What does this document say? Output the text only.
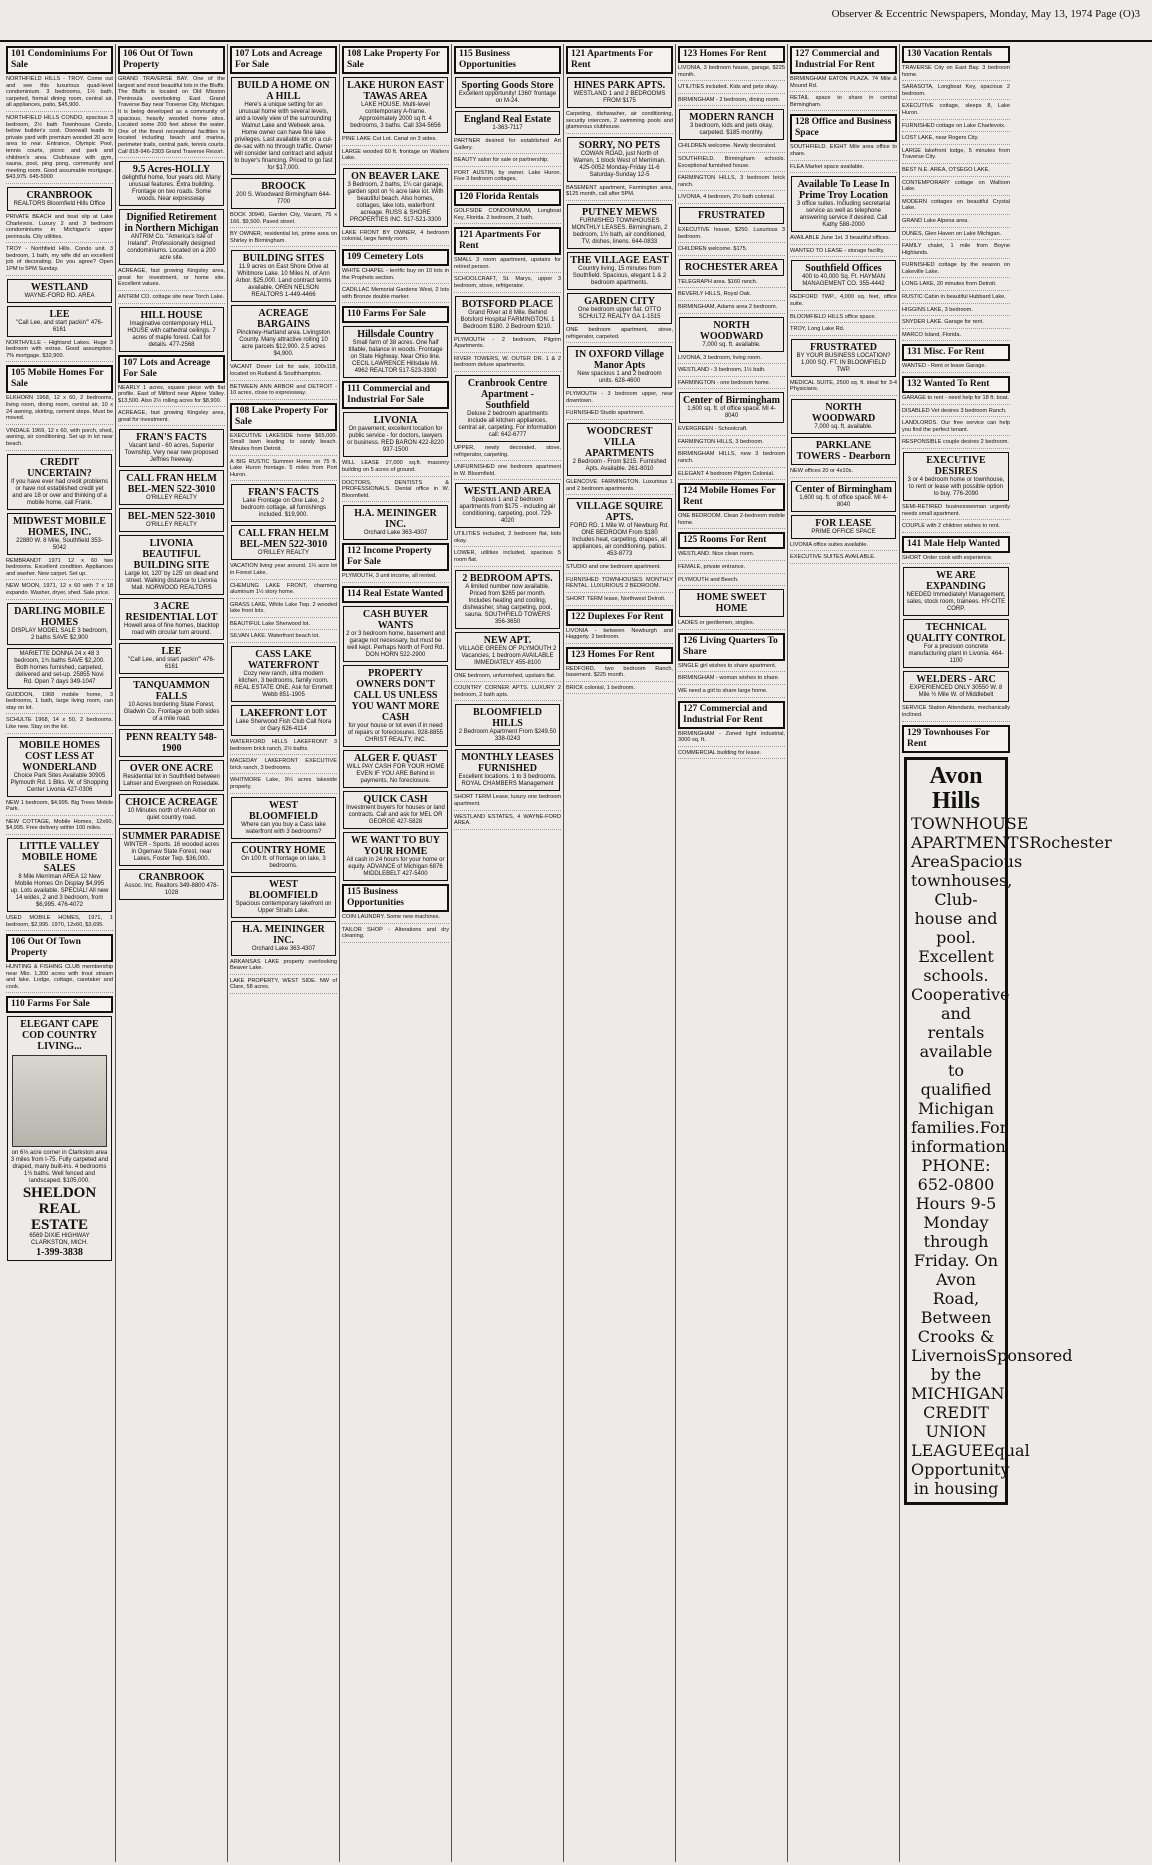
Observer & Eccentric Newspapers, Monday, May 13, 1974 Page (O)3
101 Condominiums For Sale
NORTHFIELD HILLS - TROY. Come out and see this luxurious quad-level condominium. 3 bedrooms, 1½ bath, carpeted, formal dining room, central air, all appliances, patio, $45,900.
NORTHFIELD HILLS CONDO, spacious 3 bedroom, 2½ bath Townhouse Condo, below builder's cost. Doorwall leads to private yard with premium wooded 20 acre area to rear. Entrance, Olympic Pool, tennis courts, picnic and park and children's area. Clubhouse with gym, sauna, pool, ping pong, community and meeting room. Good assumable mortgage. $43,975. 645-5900
CRANBROOK
REALTORS Bloomfield Hills Office
PRIVATE BEACH and boat slip at Lake Charlevoix. Luxury 2 and 3 bedroom condominiums in Michigan's upper peninsula. City utilities.
TROY - Northfield Hills. Condo unit. 3 bedroom, 1 bath, my wife did an excellent job of decorating. Do you agree? Open 1PM to 5PM Sunday.
WESTLAND
WAYNE-FORD RD. AREA
LEE
"Call Lee, and start packin'" 476-6161
NORTHVILLE - Highland Lakes. Huge 3 bedroom with extras. Good assumption. 7% mortgage. $32,900.
105 Mobile Homes For Sale
ELKHORN 1968, 12 x 60, 2 bedrooms, living room, dining room, central air, 10 x 24 awning, skirting, cement steps. Must be moved.
VINDALE 1969, 12 x 60, with porch, shed, awning, air conditioning. Set up in lot near beach.
CREDIT UNCERTAIN?
If you have ever had credit problems or have not established credit yet and are 18 or over and thinking of a mobile home, call Frank.
MIDWEST MOBILE HOMES, INC.
22880 W. 8 Mile, Southfield 353-5042
REMBRANDT 1971 12 x 60 two bedrooms. Excellent condition. Appliances and washer. New carpet. Set up.
NEW MOON, 1971, 12 x 60 with 7 x 18 expando. Washer, dryer, shed. Sale price.
DARLING MOBILE HOMES
DISPLAY MODEL SALE 3 bedroom, 2 baths SAVE $2,900
MARIETTE DONNA 24 x 48 3 bedroom, 1¾ baths SAVE $2,200. Both homes furnished, carpeted, delivered and set-up. 25855 Novi Rd. Open 7 days 349-1047
GUIDDON, 1968 mobile home, 3 bedrooms, 1 bath, large living room, can stay on lot.
SCHULTE 1968, 14 x 50, 2 bedrooms. Like new. Stay on the lot.
MOBILE HOMES COST LESS AT WONDERLAND
Choice Park Sites Available 30905 Plymouth Rd. 1 Blks. W. of Shopping Center Livonia 427-0306
NEW 1 bedroom, $4,995. Big Trees Mobile Park.
NEW COTTAGE, Mobile Homes, 12x60, $4,995. Free delivery within 100 miles.
LITTLE VALLEY MOBILE HOME SALES
8 Mile Merriman AREA 12 New Mobile Homes On Display $4,995 up. Lots available. SPECIAL! All new 14 wides, 2 and 3 bedroom, from $6,995. 476-4072
USED MOBILE HOMES, 1971, 1 bedroom, $2,995. 1970, 12x60, $3,695.
106 Out Of Town Property
HUNTING & FISHING CLUB membership near Mio. 1,300 acres with trout stream and lake. Lodge, cottage, caretaker and cook.
110 Farms For Sale
ELEGANT CAPE COD COUNTRY LIVING...
on 6⅓ acre corner in Clarkston area 3 miles from I-75. Fully carpeted and draped, many built-ins. 4 bedrooms 1½ baths. Well fenced and landscaped. $105,000.
SHELDON REAL ESTATE
6569 DIXIE HIGHWAY CLARKSTON, MICH.
1-399-3838
106 Out Of Town Property
GRAND TRAVERSE BAY. One of the largest and most beautiful lots in the Bluffs. The Bluffs is located on Old Mission Peninsula overlooking East Grand Traverse Bay near Traverse City, Michigan. It is being developed as a community of spacious, heavily wooded home sites. Located some 200 feet above the water. One of the finest recreational facilities is located including beach and marina, perimeter trails, central park, tennis courts. Call 818-946-2303 Grand Traverse Resort.
9.5 Acres-HOLLY
delightful home, four years old. Many unusual features. Extra building. Frontage on two roads. Some woods. Near expressway.
Dignified Retirement in Northern Michigan
ANTRIM Co. "America's Isle of Ireland". Professionally designed condominiums. Located on a 200 acre site.
ACREAGE, fast growing Kingsley area, great for investment, or home site. Excellent values.
ANTRIM CO. cottage site near Torch Lake.
HILL HOUSE
Imaginative contemporary HILL HOUSE with cathedral ceilings. 7 acres of maple forest. Call for details. 477-2568
107 Lots and Acreage For Sale
NEARLY 1 acres, square piece with flat profile. East of Milford near Alpine Valley. $13,500. Also 2½ rolling acres for $8,900.
ACREAGE, fast growing Kingsley area, great for investment.
FRAN'S FACTS
Vacant land - 60 acres, Superior Township. Very near new proposed Jeffries freeway.
CALL FRAN HELM BEL-MEN 522-3010
O'RILLEY REALTY
BEL-MEN 522-3010
O'RILLEY REALTY
LIVONIA BEAUTIFUL BUILDING SITE
Large lot, 120' by 125' on dead end street. Walking distance to Livonia Mall. NORWOOD REALTORS
3 ACRE RESIDENTIAL LOT
Howell area of fine homes, blacktop road with circular turn around.
LEE
"Call Lee, and start packin'" 476-6161
TANQUAMMON FALLS
10 Acres bordering State Forest, Gladwin Co. Frontage on both sides of a mile road.
PENN REALTY 548-1900
OVER ONE ACRE
Residential lot in Southfield between Lahser and Evergreen on Rosedale.
CHOICE ACREAGE
10 Minutes north of Ann Arbor on quiet country road.
SUMMER PARADISE
WINTER - Sports. 16 wooded acres in Ogemaw State Forest, near Lakes, Foster Twp. $36,000.
CRANBROOK
Assoc. Inc. Realtors 349-8800 478-1028
107 Lots and Acreage For Sale
BUILD A HOME ON A HILL
Here's a unique setting for an unusual home with several levels, and a lovely view of the surrounding Walnut Lake and Webeek area. Home owner can have fine lake privileges. Last available lot on a cul-de-sac with no through traffic. Owner will consider land contract and adjust to buyer's financing. Priced to go fast for $17,000.
BROOCK
200 S. Woodward Birmingham 644-7700
BOCK 30940, Garden City, Vacant, 75 x 166. $9,500. Paved street.
BY OWNER, residential lot, prime area on Shirley in Birmingham.
BUILDING SITES
11.9 acres on East Shore Drive at Whitmore Lake. 10 Miles N. of Ann Arbor. $25,000. Land contract terms available. OREN NELSON REALTORS 1-449-4466
ACREAGE BARGAINS
Pinckney-Hartland area. Livingston County. Many attractive rolling 10 acre parcels $12,900. 2.5 acres $4,900.
VACANT Dover Lot for sale, 100x118, located on Rutland & Southhampton.
BETWEEN ANN ARBOR and DETROIT - 10 acres, close to expressway.
108 Lake Property For Sale
EXECUTIVE LAKESIDE home $65,000. Small lawn leading to sandy beach. Minutes from Detroit.
A BIG RUSTIC Summer Home on 75 ft. Lake Huron frontage. 5 miles from Port Huron.
FRAN'S FACTS
Lake Frontage on One Lake, 2 bedroom cottage, all furnishings included. $19,900.
CALL FRAN HELM BEL-MEN 522-3010
O'RILLEY REALTY
VACATION living year around. 1¼ acre lot in Forest Lake.
CHEMUNG LAKE FRONT, charming aluminum 1½ story home.
GRASS LAKE, White Lake Twp. 2 wooded lake front lots.
BEAUTIFUL Lake Sherwood lot.
SILVAN LAKE. Waterfront beach lot.
CASS LAKE WATERFRONT
Cozy new ranch, ultra modern kitchen, 3 bedrooms, family room. REAL ESTATE ONE. Ask for Emmett Webb 851-1905
LAKEFRONT LOT
Lake Sherwood Fish Club Call Nora or Gary 626-4114
WATERFORD HILLS LAKEFRONT 3 bedroom brick ranch, 2½ baths.
MACEDAY LAKEFRONT EXECUTIVE brick ranch, 3 bedrooms.
WHITMORE Lake, 9⅓ acres lakeside property.
WEST BLOOMFIELD
Where can you buy a Cass lake waterfront with 3 bedrooms?
COUNTRY HOME
On 100 ft. of frontage on lake, 3 bedrooms.
WEST BLOOMFIELD
Spacious contemporary lakefront on Upper Straits Lake.
H.A. MEININGER INC.
Orchard Lake 363-4307
ARKANSAS LAKE property overlooking Beaver Lake.
LAKE PROPERTY, WEST SIDE. NW of Clare, 58 acres.
108 Lake Property For Sale
LAKE HURON EAST TAWAS AREA
LAKE HOUSE. Multi-level contemporary A-frame. Approximately 2000 sq ft. 4 bedrooms, 3 baths. Call 334-5656
PINE LAKE Cut Lot. Canal on 3 sides.
LARGE wooded 60 ft. frontage on Walters Lake.
ON BEAVER LAKE
3 Bedroom, 2 baths, 1¼ car garage, garden spot on ¾ acre lake lot. With beautiful beach. Also homes, cottages, lake lots, waterfront acreage. RUSS & SHORE PROPERTIES INC. 517-521-3300
LAKE FRONT BY OWNER, 4 bedroom colonial, large family room.
109 Cemetery Lots
WHITE CHAPEL - terrific buy on 10 lots in the Prophets section.
CADILLAC Memorial Gardens West, 2 lots with Bronze double marker.
110 Farms For Sale
Hillsdale Country
Small farm of 38 acres. One half tillable, balance in woods. Frontage on State Highway. Near Ohio line. CECIL LAWRENCE Hillsdale Mi. 4962 REALTOR 517-523-3300
111 Commercial and Industrial For Sale
LIVONIA
On pavement, excellent location for public service - for doctors, lawyers or business. RED BARON 422-8220 937-1500
WILL LEASE 27,000 sq.ft. masonry building on 5 acres of ground.
DOCTORS, DENTISTS & PROFESSIONALS. Dental office in W. Bloomfield.
H.A. MEININGER INC.
Orchard Lake 363-4307
112 Income Property For Sale
PLYMOUTH, 3 unit income, all rented.
114 Real Estate Wanted
CASH BUYER WANTS
2 or 3 bedroom home, basement and garage not necessary, but must be well kept. Perhaps North of Ford Rd. DON HORN 522-2900
PROPERTY OWNERS DON'T CALL US UNLESS YOU WANT MORE CA$H
for your house or lot even if in need of repairs or foreclosures. 928-8855 CHRIST REALTY, INC.
ALGER F. QUAST
WILL PAY CASH FOR YOUR HOME EVEN IF YOU ARE Behind in payments, No foreclosure.
QUICK CASH
Investment buyers for houses or land contracts. Call and ask for MEL OR GEORGE 427-5828
WE WANT TO BUY YOUR HOME
All cash in 24 hours for your home or equity. ADVANCE of Michigan 6876 MIDDLEBELT 427-5400
115 Business Opportunities
COIN LAUNDRY. Some new machines.
TAILOR SHOP - Alterations and dry cleaning.
115 Business Opportunities
Sporting Goods Store
Excellent opportunity! 1360' frontage on M-24.
England Real Estate
1-363-7117
PARTNER desired for established Art Gallery.
BEAUTY salon for sale or partnership.
PORT AUSTIN, by owner. Lake Huron. Five 3 bedroom cottages.
120 Florida Rentals
GOLFSIDE CONDOMINIUM, Longboat Key, Florida. 2 bedroom, 2 bath.
121 Apartments For Rent
SMALL 3 room apartment, upstairs for retired person.
SCHOOLCRAFT, St. Marys, upper 3 bedroom, stove, refrigerator.
BOTSFORD PLACE
Grand River at 8 Mile. Behind Botsford Hospital FARMINGTON. 1 Bedroom $180. 2 Bedroom $210.
PLYMOUTH - 2 bedroom, Pilgrim Apartments.
RIVER TOWERS, W. OUTER DR. 1 & 2 bedroom deluxe apartments.
Cranbrook Centre Apartment - Southfield
Deluxe 2 bedroom apartments include all kitchen appliances, central air, carpeting. For information call: 642-6777
UPPER, newly decorated, stove, refrigerator, carpeting.
UNFURNISHED one bedroom apartment in W. Bloomfield.
WESTLAND AREA
Spacious 1 and 2 bedroom apartments from $175 - including air conditioning, carpeting, pool. 729-4020
UTILITIES included, 2 bedroom flat, kids okay.
LOWER, utilities included, spacious 5 room flat.
2 BEDROOM APTS.
A limited number now available. Priced from $265 per month. Includes heating and cooling, dishwasher, shag carpeting, pool, sauna. SOUTHFIELD TOWERS 356-3650
NEW APT.
VILLAGE GREEN OF PLYMOUTH 2 Vacancies, 1 bedroom AVAILABLE IMMEDIATELY 455-8100
ONE bedroom, unfurnished, upstairs flat.
COUNTRY CORNER APTS. LUXURY 2 bedroom, 2 bath apts.
BLOOMFIELD HILLS
2 Bedroom Apartment From $249.50 338-0243
MONTHLY LEASES FURNISHED
Excellent locations. 1 to 3 bedrooms. ROYAL CHAMBERS Management
SHORT TERM Lease, luxury one bedroom apartment.
WESTLAND ESTATES, 4 WAYNE-FORD AREA.
121 Apartments For Rent
HINES PARK APTS.
WESTLAND 1 and 2 BEDROOMS FROM $175
Carpeting, dishwasher, air conditioning, security intercom, 2 swimming pools and glamorous clubhouse.
SORRY, NO PETS
COWAN ROAD, just North of Warren, 1 block West of Merriman. 425-0052 Monday-Friday 11-6 Saturday-Sunday 12-5
BASEMENT apartment, Farmington area, $125 month, call after 5PM.
PUTNEY MEWS
FURNISHED TOWNHOUSES MONTHLY LEASES. Birmingham, 2 bedroom, 1½ bath, air conditioned, TV, dishes, linens. 644-0833
THE VILLAGE EAST
Country living, 15 minutes from Southfield. Spacious, elegant 1 & 2 bedroom apartments.
GARDEN CITY
One bedroom upper flat. OTTO SCHULTZ REALTY GA 1-1515
ONE bedroom apartment, stove, refrigerator, carpeted.
IN OXFORD Village Manor Apts
New spacious 1 and 2 bedroom units. 628-4600
PLYMOUTH - 3 bedroom upper, near downtown.
FURNISHED Studio apartment.
WOODCREST VILLA APARTMENTS
2 Bedroom - From $215. Furnished Apts. Available. 261-8010
GLENCOVE. FARMINGTON. Luxurious 1 and 2 bedroom apartments.
VILLAGE SQUIRE APTS.
FORD RD. 1 Mile W. of Newburg Rd. ONE BEDROOM From $180 Includes heat, carpeting, drapes, all appliances, air conditioning, patios. 453-8773
STUDIO and one bedroom apartment.
FURNISHED TOWNHOUSES MONTHLY RENTAL. LUXURIOUS 2 BEDROOM.
SHORT TERM lease, Northwest Detroit.
122 Duplexes For Rent
LIVONIA - between Newburgh and Haggerty. 2 bedroom.
123 Homes For Rent
REDFORD, two bedroom Ranch, basement. $225 month.
BRICK colonial, 1 bedroom.
123 Homes For Rent
LIVONIA, 3 bedroom house, garage, $225 month.
UTILITIES included. Kids and pets okay.
BIRMINGHAM - 2 bedroom, dining room.
MODERN RANCH
3 bedroom, kids and pets okay, carpeted. $185 monthly.
CHILDREN welcome. Newly decorated.
SOUTHFIELD. Birmingham schools. Exceptional furnished house.
FARMINGTON HILLS, 3 bedroom brick ranch.
LIVONIA, 4 bedroom, 2½ bath colonial.
FRUSTRATED
EXECUTIVE house, $250. Luxurious 3 bedroom.
CHILDREN welcome. $175.
ROCHESTER AREA
TELEGRAPH area. $160 ranch.
BEVERLY HILLS, Royal Oak.
BIRMINGHAM, Adams area 2 bedroom.
NORTH WOODWARD
7,000 sq. ft. available.
LIVONIA, 3 bedroom, living room.
WESTLAND - 3 bedroom, 1½ bath.
FARMINGTON - one bedroom home.
Center of Birmingham
1,600 sq. ft. of office space. MI 4-8040
EVERGREEN - Schoolcraft.
FARMINGTON HILLS, 3 bedroom.
BIRMINGHAM HILLS, new 3 bedroom ranch.
ELEGANT 4 bedroom Pilgrim Colonial.
124 Mobile Homes For Rent
ONE BEDROOM. Clean 2-bedroom mobile home.
125 Rooms For Rent
WESTLAND. Nice clean room.
FEMALE, private entrance.
PLYMOUTH and Beech.
HOME SWEET HOME
LADIES or gentlemen, singles.
126 Living Quarters To Share
SINGLE girl wishes to share apartment.
BIRMINGHAM - woman wishes to share.
WE need a girl to share large home.
127 Commercial and Industrial For Rent
BIRMINGHAM - Zoned light industrial, 3000 sq. ft.
COMMERCIAL building for lease.
127 Commercial and Industrial For Rent
BIRMINGHAM EATON PLAZA. 74 Mile & Mound Rd.
RETAIL space to share in central Birmingham.
128 Office and Business Space
SOUTHFIELD. EIGHT Mile area office to share.
FLEA Market space available.
Available To Lease In Prime Troy Location
3 office suites. Including secretarial service as well as telephone answering service if desired. Call Kathy 588-2000
AVAILABLE June 1st. 3 beautiful offices.
WANTED TO LEASE - storage facility.
Southfield Offices
400 to 40,000 Sq. Ft. HAYMAN MANAGEMENT CO. 355-4442
REDFORD TWP., 4,000 sq. feet, office suite.
BLOOMFIELD HILLS office space.
TROY, Long Lake Rd.
FRUSTRATED
BY YOUR BUSINESS LOCATION? 1,000 SQ. FT. IN BLOOMFIELD TWP.
MEDICAL SUITE, 2500 sq. ft. ideal for 3-4 Physicians.
NORTH WOODWARD
7,000 sq. ft. available.
PARKLANE TOWERS - Dearborn
NEW offices 20 or 4x10s.
Center of Birmingham
1,600 sq. ft. of office space. MI 4-8040
FOR LEASE
PRIME OFFICE SPACE
LIVONIA office suites available.
EXECUTIVE SUITES AVAILABLE.
130 Vacation Rentals
TRAVERSE City on East Bay. 3 bedroom home.
SARASOTA, Longboat Key, spacious 2 bedroom.
EXECUTIVE cottage, sleeps 8, Lake Huron.
FURNISHED cottage on Lake Charlevoix.
LOST LAKE, near Rogers City.
LARGE lakefront lodge, 5 minutes from Traverse City.
BEST N.E. AREA, OTSEGO LAKE.
CONTEMPORARY cottage on Walloon Lake.
MODERN cottages on beautiful Crystal Lake.
GRAND Lake Alpena area.
DUNES, Glen Haven on Lake Michigan.
FAMILY chalet, 1 mile from Boyne Highlands.
FURNISHED cottage by the season on Lakeville Lake.
LONG LAKE, 20 minutes from Detroit.
RUSTIC Cabin in beautiful Hubbard Lake.
HIGGINS LAKE, 3 bedroom.
SNYDER LAKE. Garage for rent.
MARCO Island, Florida.
131 Misc. For Rent
WANTED - Rent or lease Garage.
132 Wanted To Rent
GARAGE to rent - need help for 18 ft. boat.
DISABLED Vet desires 3 bedroom Ranch.
LANDLORDS. Our free service can help you find the perfect tenant.
RESPONSIBLE couple desires 2 bedroom.
EXECUTIVE DESIRES
3 or 4 bedroom home or townhouse, to rent or lease with possible option to buy. 776-2090
SEMI-RETIRED businesswoman urgently needs small apartment.
COUPLE with 2 children wishes to rent.
141 Male Help Wanted
SHORT Order cook with experience.
WE ARE EXPANDING
NEEDED Immediately! Management, sales, stock room, trainees. HY-CITE CORP.
TECHNICAL QUALITY CONTROL
For a precision concrete manufacturing plant in Livonia. 464-1100
WELDERS - ARC
EXPERIENCED ONLY 30550 W. 8 Mile ½ Mile W. of Middlebelt
SERVICE Station Attendants, mechanically inclined.
129 Townhouses For Rent
Avon Hills
TOWNHOUSE APARTMENTSRochester AreaSpacious townhouses, Club-house and pool. Excellent schools. Cooperative and rentals available to qualified Michigan families.For information PHONE: 652-0800 Hours 9-5 Monday through Friday. On Avon Road, Between Crooks & LivernoisSponsored by the MICHIGAN CREDIT UNION LEAGUEEqual Opportunity in housing
